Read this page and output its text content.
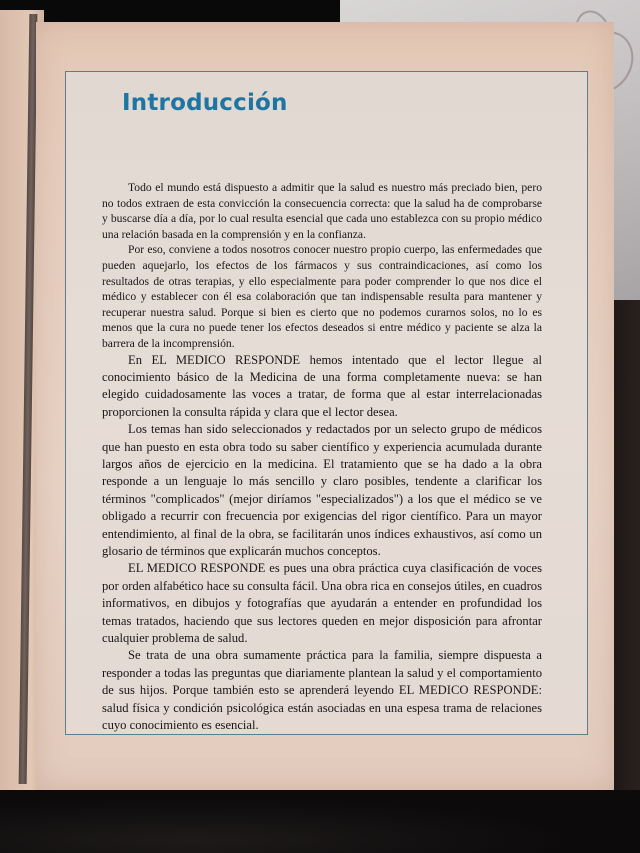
Introducción

Todo el mundo está dispuesto a admitir que la salud es nuestro más preciado bien, pero no todos extraen de esta convicción la consecuencia correcta: que la salud ha de comprobarse y buscarse día a día, por lo cual resulta esencial que cada uno establezca con su propio médico una relación basada en la comprensión y en la confianza.

Por eso, conviene a todos nosotros conocer nuestro propio cuerpo, las enfermedades que pueden aquejarlo, los efectos de los fármacos y sus contraindicaciones, así como los resultados de otras terapias, y ello especialmente para poder comprender lo que nos dice el médico y establecer con él esa colaboración que tan indispensable resulta para mantener y recuperar nuestra salud. Porque si bien es cierto que no podemos curarnos solos, no lo es menos que la cura no puede tener los efectos deseados si entre médico y paciente se alza la barrera de la incomprensión.

En EL MEDICO RESPONDE hemos intentado que el lector llegue al conocimiento básico de la Medicina de una forma completamente nueva: se han elegido cuidadosamente las voces a tratar, de forma que al estar interrelacionadas proporcionen la consulta rápida y clara que el lector desea.

Los temas han sido seleccionados y redactados por un selecto grupo de médicos que han puesto en esta obra todo su saber científico y experiencia acumulada durante largos años de ejercicio en la medicina. El tratamiento que se ha dado a la obra responde a un lenguaje lo más sencillo y claro posibles, tendente a clarificar los términos "complicados" (mejor diríamos "especializados") a los que el médico se ve obligado a recurrir con frecuencia por exigencias del rigor científico. Para un mayor entendimiento, al final de la obra, se facilitarán unos índices exhaustivos, así como un glosario de términos que explicarán muchos conceptos.

EL MEDICO RESPONDE es pues una obra práctica cuya clasificación de voces por orden alfabético hace su consulta fácil. Una obra rica en consejos útiles, en cuadros informativos, en dibujos y fotografías que ayudarán a entender en profundidad los temas tratados, haciendo que sus lectores queden en mejor disposición para afrontar cualquier problema de salud.

Se trata de una obra sumamente práctica para la familia, siempre dispuesta a responder a todas las preguntas que diariamente plantean la salud y el comportamiento de sus hijos. Porque también esto se aprenderá leyendo EL MEDICO RESPONDE: salud física y condición psicológica están asociadas en una espesa trama de relaciones cuyo conocimiento es esencial.
